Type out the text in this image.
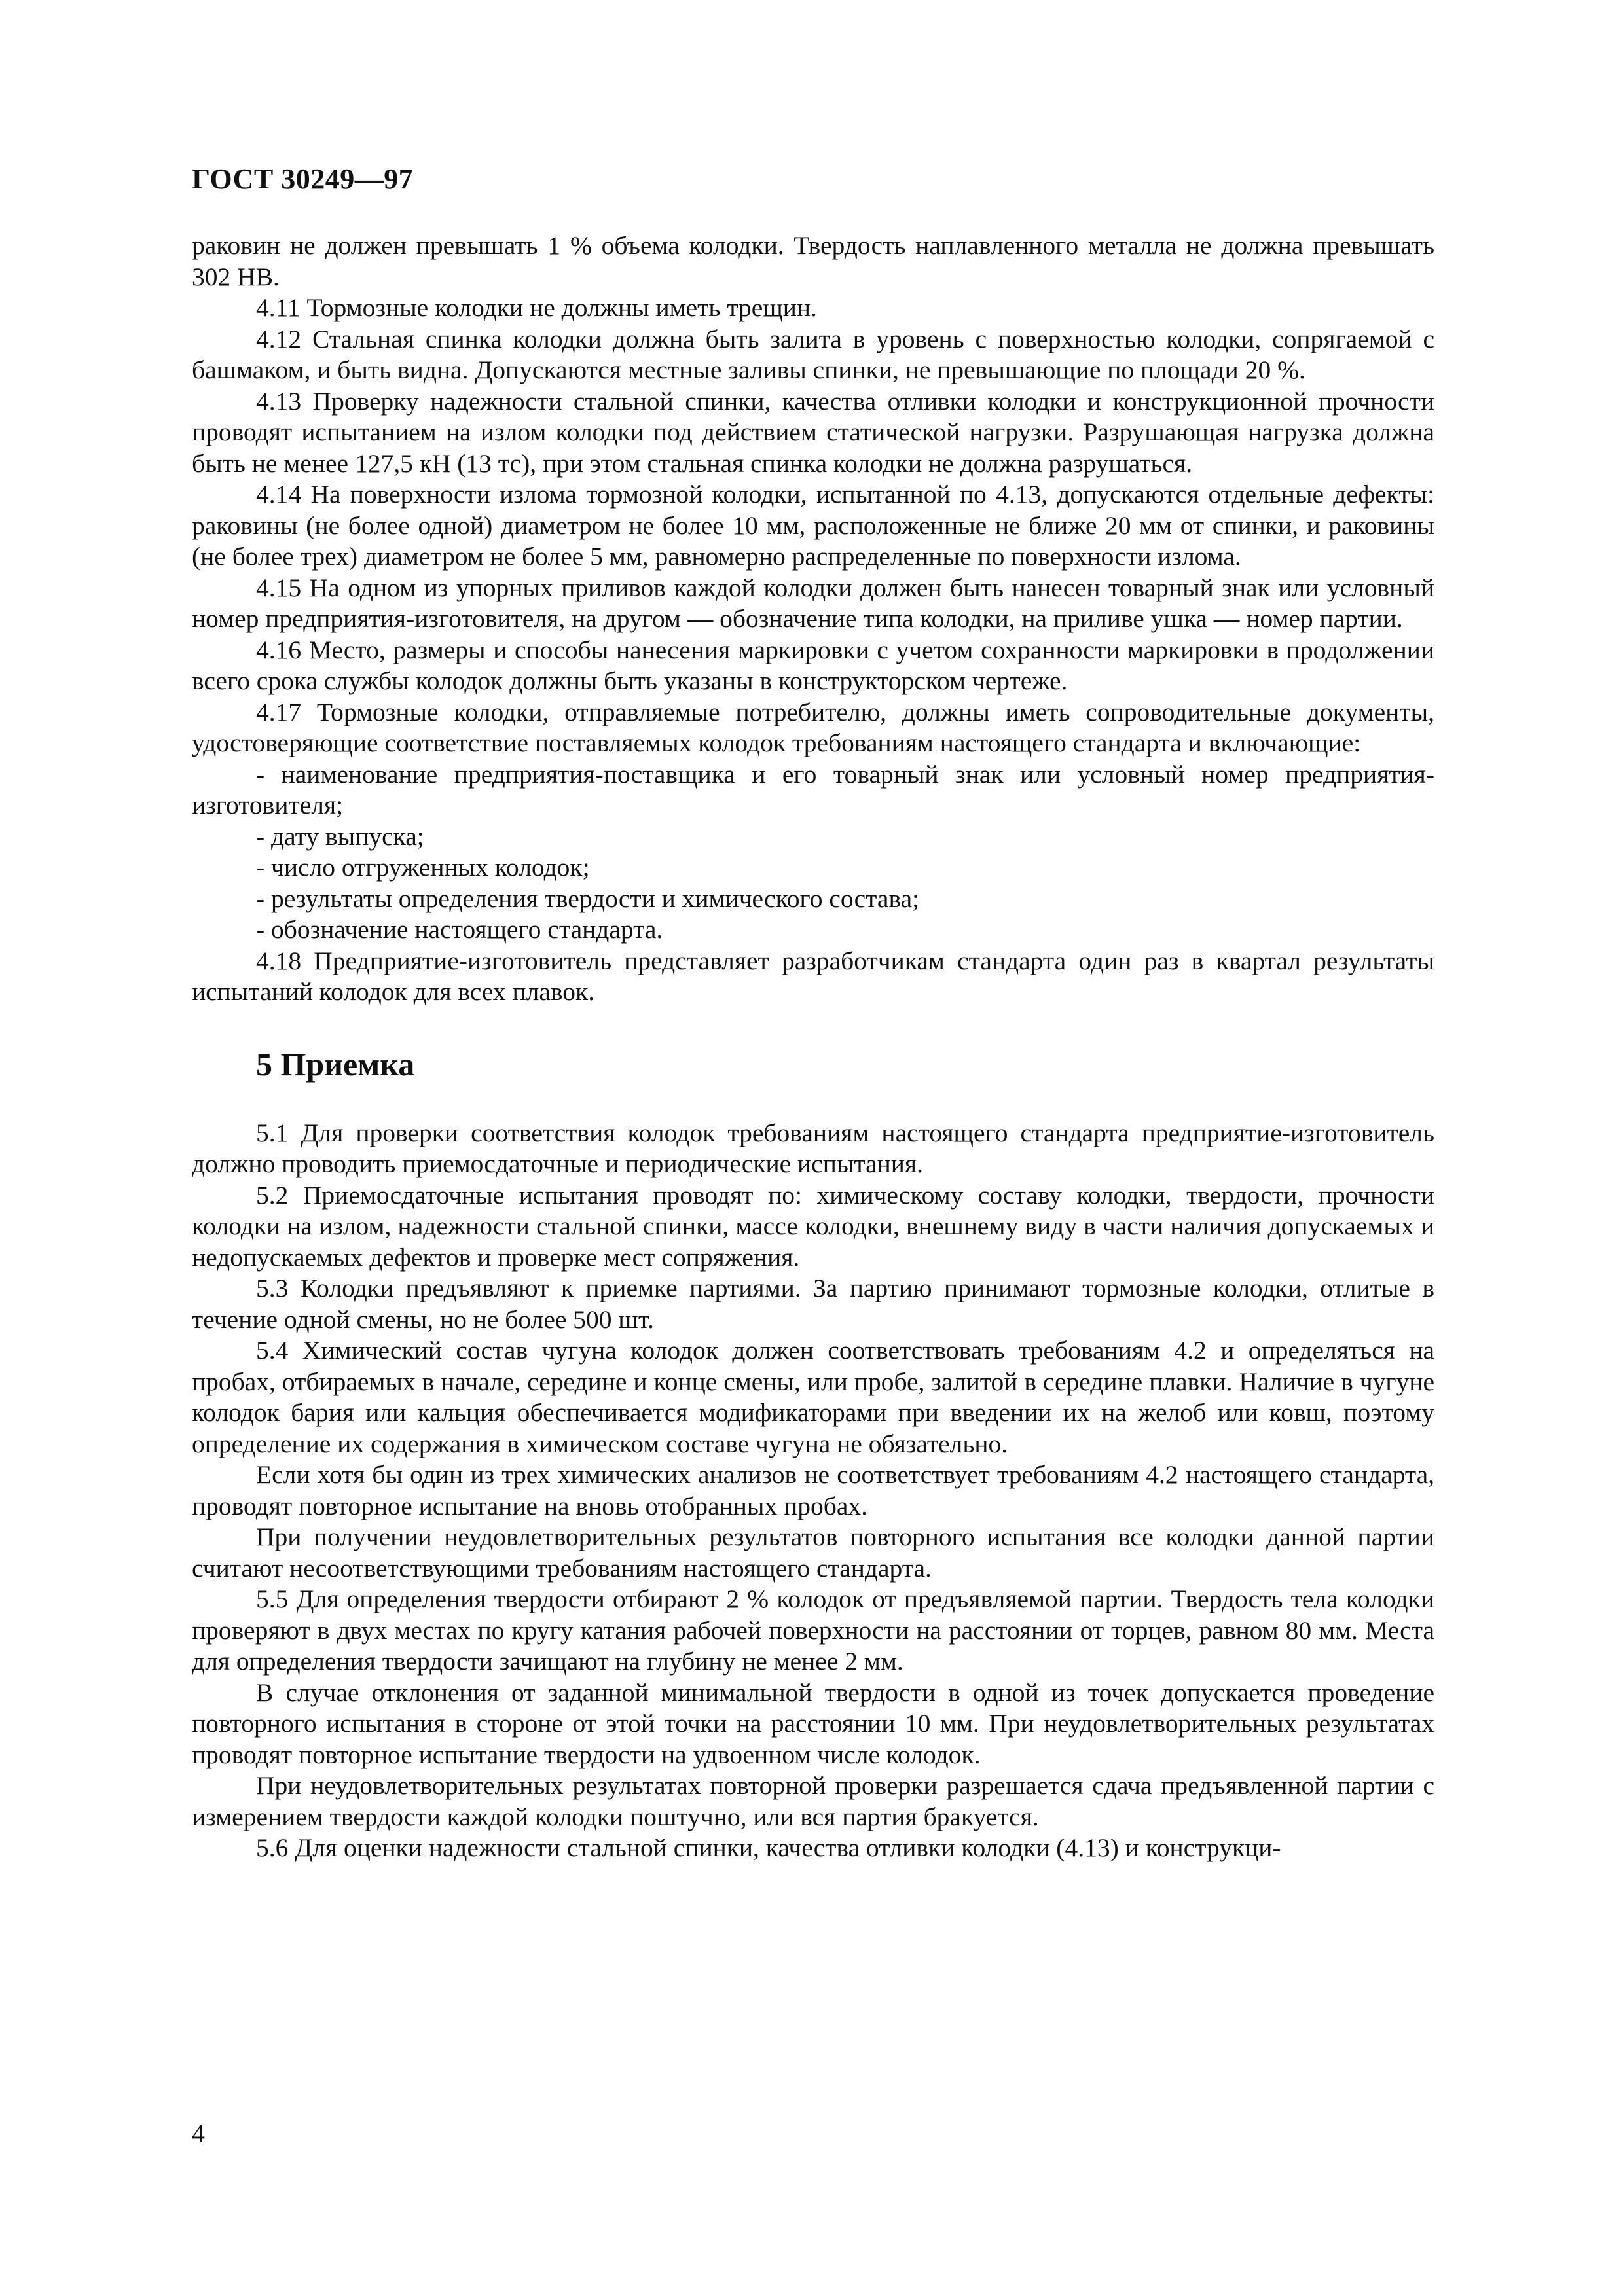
ГОСТ 30249—97

раковин не должен превышать 1 % объема колодки. Твердость наплавленного металла не должна превышать 302 НВ.

4.11 Тормозные колодки не должны иметь трещин.

4.12 Стальная спинка колодки должна быть залита в уровень с поверхностью колодки, сопрягаемой с башмаком, и быть видна. Допускаются местные заливы спинки, не превышающие по площади 20 %.

4.13 Проверку надежности стальной спинки, качества отливки колодки и конструкционной прочности проводят испытанием на излом колодки под действием статической нагрузки. Разрушающая нагрузка должна быть не менее 127,5 кН (13 тс), при этом стальная спинка колодки не должна разрушаться.

4.14 На поверхности излома тормозной колодки, испытанной по 4.13, допускаются отдельные дефекты: раковины (не более одной) диаметром не более 10 мм, расположенные не ближе 20 мм от спинки, и раковины (не более трех) диаметром не более 5 мм, равномерно распределенные по поверхности излома.

4.15 На одном из упорных приливов каждой колодки должен быть нанесен товарный знак или условный номер предприятия-изготовителя, на другом — обозначение типа колодки, на приливе ушка — номер партии.

4.16 Место, размеры и способы нанесения маркировки с учетом сохранности маркировки в продолжении всего срока службы колодок должны быть указаны в конструкторском чертеже.

4.17 Тормозные колодки, отправляемые потребителю, должны иметь сопроводительные документы, удостоверяющие соответствие поставляемых колодок требованиям настоящего стандарта и включающие:

- наименование предприятия-поставщика и его товарный знак или условный номер предприятия-изготовителя;

- дату выпуска;

- число отгруженных колодок;

- результаты определения твердости и химического состава;

- обозначение настоящего стандарта.

4.18 Предприятие-изготовитель представляет разработчикам стандарта один раз в квартал результаты испытаний колодок для всех плавок.

5 Приемка

5.1 Для проверки соответствия колодок требованиям настоящего стандарта предприятие-изготовитель должно проводить приемосдаточные и периодические испытания.

5.2 Приемосдаточные испытания проводят по: химическому составу колодки, твердости, прочности колодки на излом, надежности стальной спинки, массе колодки, внешнему виду в части наличия допускаемых и недопускаемых дефектов и проверке мест сопряжения.

5.3 Колодки предъявляют к приемке партиями. За партию принимают тормозные колодки, отлитые в течение одной смены, но не более 500 шт.

5.4 Химический состав чугуна колодок должен соответствовать требованиям 4.2 и определяться на пробах, отбираемых в начале, середине и конце смены, или пробе, залитой в середине плавки. Наличие в чугуне колодок бария или кальция обеспечивается модификаторами при введении их на желоб или ковш, поэтому определение их содержания в химическом составе чугуна не обязательно.

Если хотя бы один из трех химических анализов не соответствует требованиям 4.2 настоящего стандарта, проводят повторное испытание на вновь отобранных пробах.

При получении неудовлетворительных результатов повторного испытания все колодки данной партии считают несоответствующими требованиям настоящего стандарта.

5.5 Для определения твердости отбирают 2 % колодок от предъявляемой партии. Твердость тела колодки проверяют в двух местах по кругу катания рабочей поверхности на расстоянии от торцев, равном 80 мм. Места для определения твердости зачищают на глубину не менее 2 мм.

В случае отклонения от заданной минимальной твердости в одной из точек допускается проведение повторного испытания в стороне от этой точки на расстоянии 10 мм. При неудовлетворительных результатах проводят повторное испытание твердости на удвоенном числе колодок.

При неудовлетворительных результатах повторной проверки разрешается сдача предъявленной партии с измерением твердости каждой колодки поштучно, или вся партия бракуется.

5.6 Для оценки надежности стальной спинки, качества отливки колодки (4.13) и конструкци-

4
